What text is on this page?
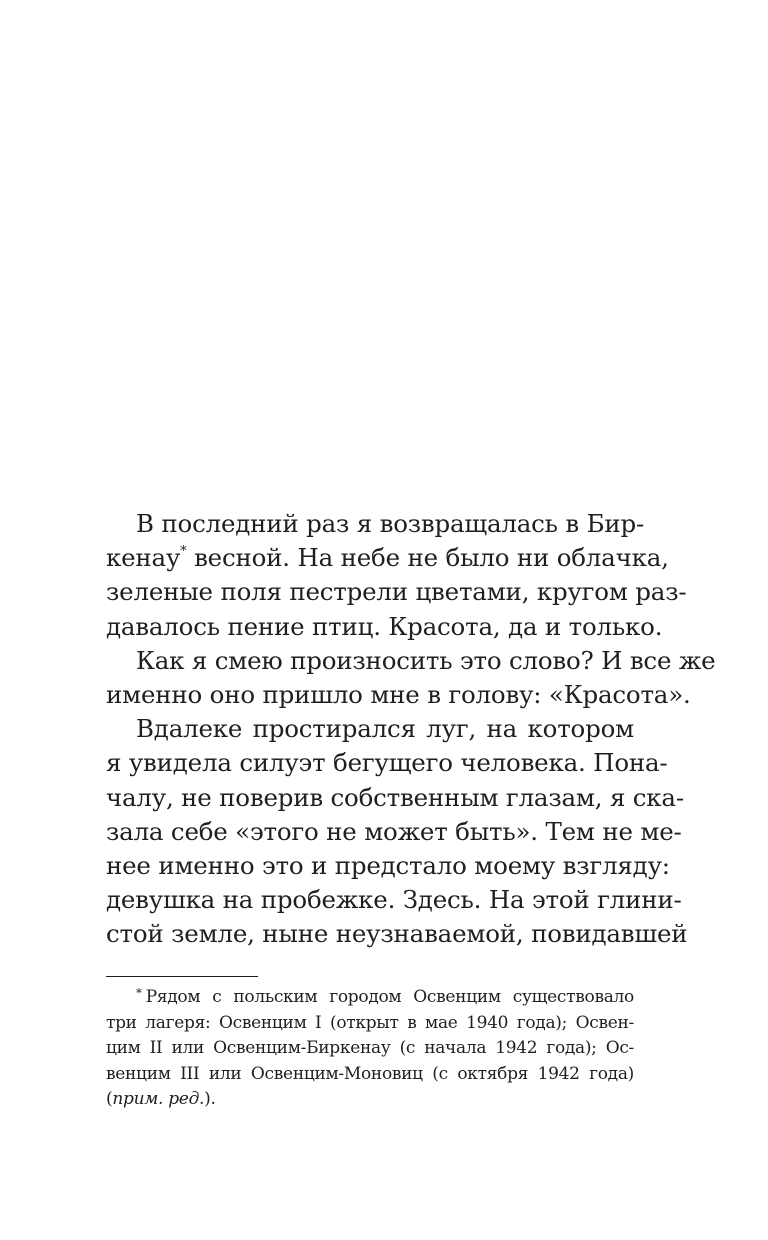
В последний раз я возвращалась в Бир-
кенау* весной. На небе не было ни облачка,
зеленые поля пестрели цветами, кругом раз-
давалось пение птиц. Красота, да и только.
Как я смею произносить это слово? И все же
именно оно пришло мне в голову: «Красота».
Вдалеке простирался луг, на котором
я увидела силуэт бегущего человека. Пона-
чалу, не поверив собственным глазам, я ска-
зала себе «этого не может быть». Тем не ме-
нее именно это и предстало моему взгляду:
девушка на пробежке. Здесь. На этой глини-
стой земле, ныне неузнаваемой, повидавшей
* Рядом с польским городом Освенцим существовало
три лагеря: Освенцим I (открыт в мае 1940 года); Освен-
цим II или Освенцим-Биркенау (с начала 1942 года); Ос-
венцим III или Освенцим-Моновиц (с октября 1942 года)
(прим. ред.).
